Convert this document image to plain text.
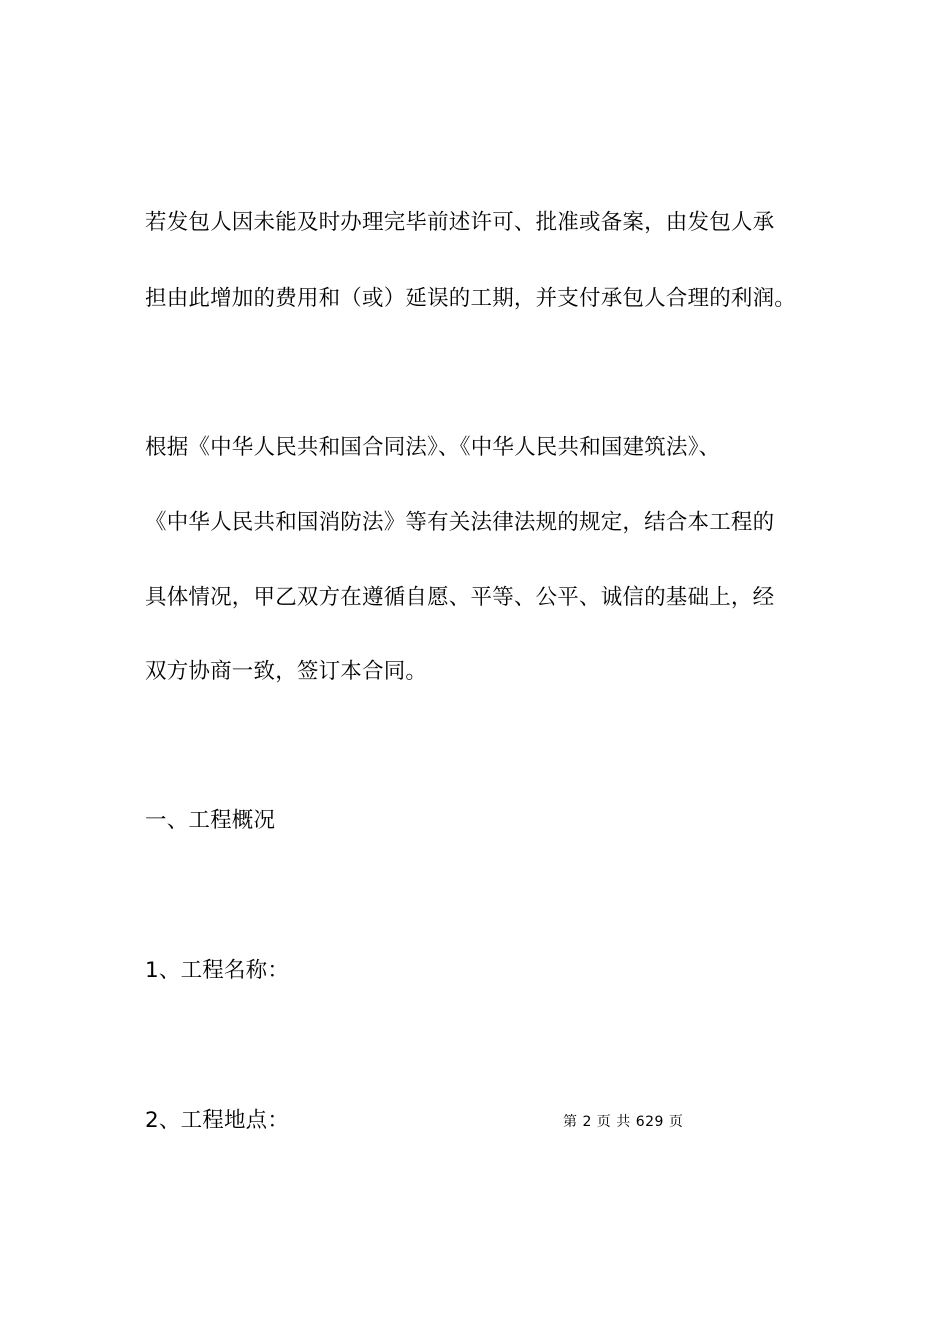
若发包人因未能及时办理完毕前述许可、批准或备案，由发包人承
担由此增加的费用和（或）延误的工期，并支付承包人合理的利润。
根据《中华人民共和国合同法》、《中华人民共和国建筑法》、
《中华人民共和国消防法》等有关法律法规的规定，结合本工程的
具体情况，甲乙双方在遵循自愿、平等、公平、诚信的基础上，经
双方协商一致，签订本合同。
一、工程概况
1、工程名称：
2、工程地点：	第 2 页 共 629 页
